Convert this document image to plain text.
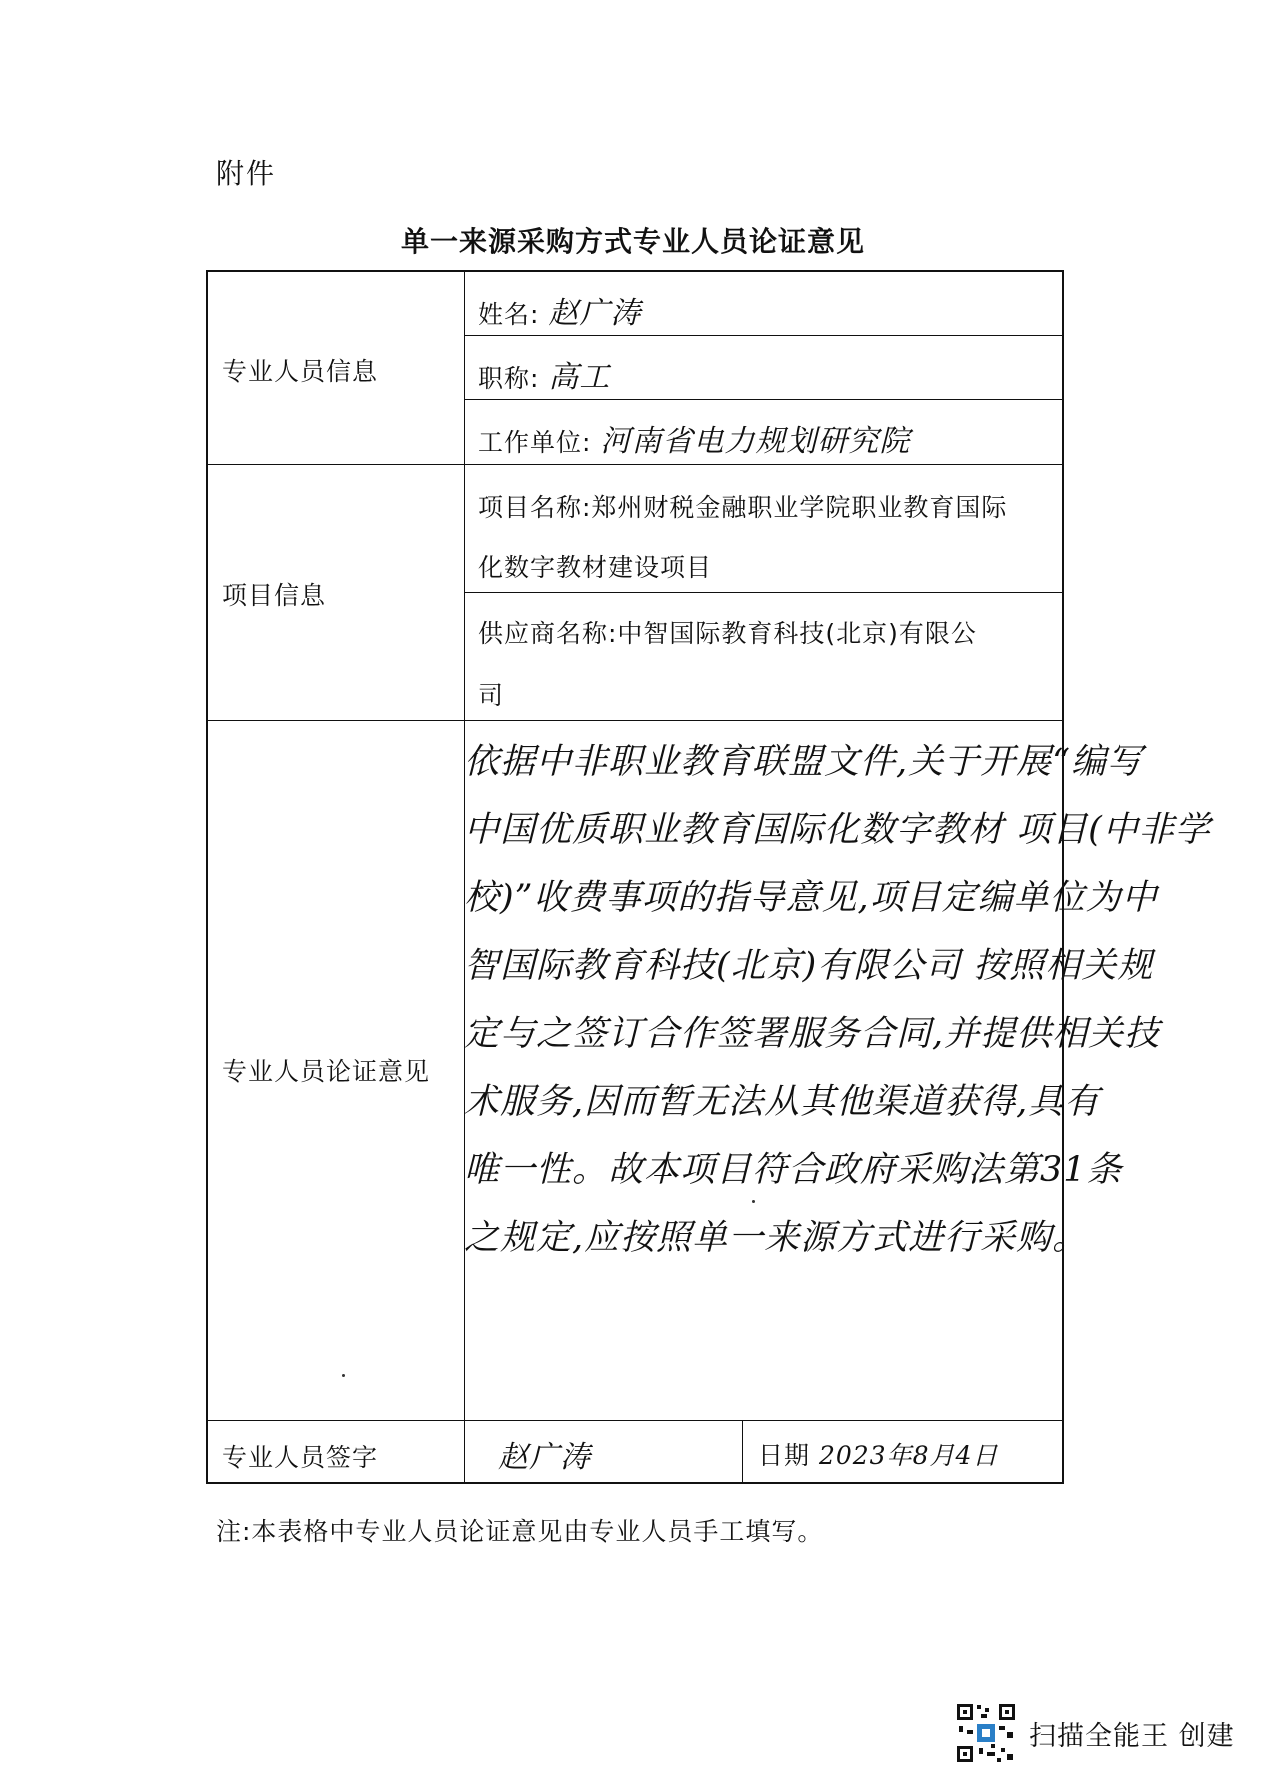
附件
单一来源采购方式专业人员论证意见
专业人员信息
项目信息
专业人员论证意见
专业人员签字
姓名: 赵广涛
职称: 高工
工作单位: 河南省电力规划研究院
项目名称:郑州财税金融职业学院职业教育国际
化数字教材建设项目
供应商名称:中智国际教育科技(北京)有限公
司
赵广涛	日期 2023年8月4日
依据中非职业教育联盟文件,关于开展“编写
中国优质职业教育国际化数字教材 项目(中非学
校)”收费事项的指导意见,项目定编单位为中
智国际教育科技(北京)有限公司 按照相关规
定与之签订合作签署服务合同,并提供相关技
术服务,因而暂无法从其他渠道获得,具有
唯一性。故本项目符合政府采购法第31条
之规定,应按照单一来源方式进行采购。
注:本表格中专业人员论证意见由专业人员手工填写。
扫描全能王 创建
